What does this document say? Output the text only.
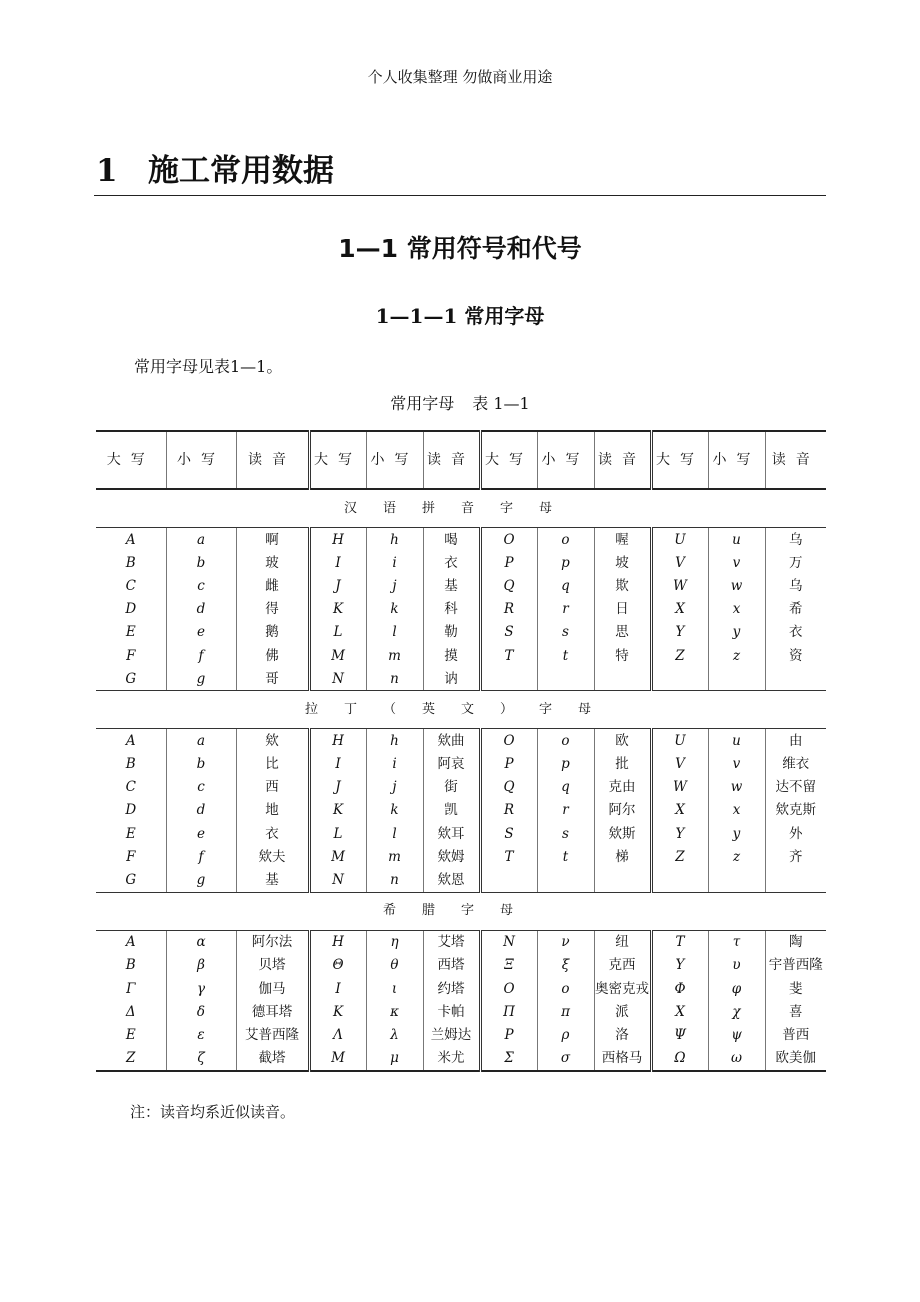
个人收集整理 勿做商业用途
1 施工常用数据
1—1 常用符号和代号
1—1—1 常用字母
常用字母见表1—1。
常用字母 表 1—1
大写	小写	读音	大写	小写	读音	大写	小写	读音	大写	小写	读音
汉语拼音字母											
A	a	啊	H	h	喝	O	o	喔	U	u	乌
B	b	玻	I	i	衣	P	p	坡	V	v	万
C	c	雌	J	j	基	Q	q	欺	W	w	乌
D	d	得	K	k	科	R	r	日	X	x	希
E	e	鹅	L	l	勒	S	s	思	Y	y	衣
F	f	佛	M	m	摸	T	t	特	Z	z	资
G	g	哥	N	n	讷						
拉丁（英文）字母											
A	a	欸	H	h	欸曲	O	o	欧	U	u	由
B	b	比	I	i	阿哀	P	p	批	V	v	维衣
C	c	西	J	j	街	Q	q	克由	W	w	达不留
D	d	地	K	k	凯	R	r	阿尔	X	x	欸克斯
E	e	衣	L	l	欸耳	S	s	欸斯	Y	y	外
F	f	欸夫	M	m	欸姆	T	t	梯	Z	z	齐
G	g	基	N	n	欸恩						
希腊字母											
A	α	阿尔法	H	η	艾塔	N	ν	纽	T	τ	陶
B	β	贝塔	Θ	θ	西塔	Ξ	ξ	克西	Υ	υ	宇普西隆
Γ	γ	伽马	I	ι	约塔	O	ο	奥密克戎	Φ	φ	斐
Δ	δ	德耳塔	K	κ	卡帕	Π	π	派	X	χ	喜
E	ε	艾普西隆	Λ	λ	兰姆达	P	ρ	洛	Ψ	ψ	普西
Z	ζ	截塔	M	μ	米尤	Σ	σ	西格马	Ω	ω	欧美伽
注：读音均系近似读音。
